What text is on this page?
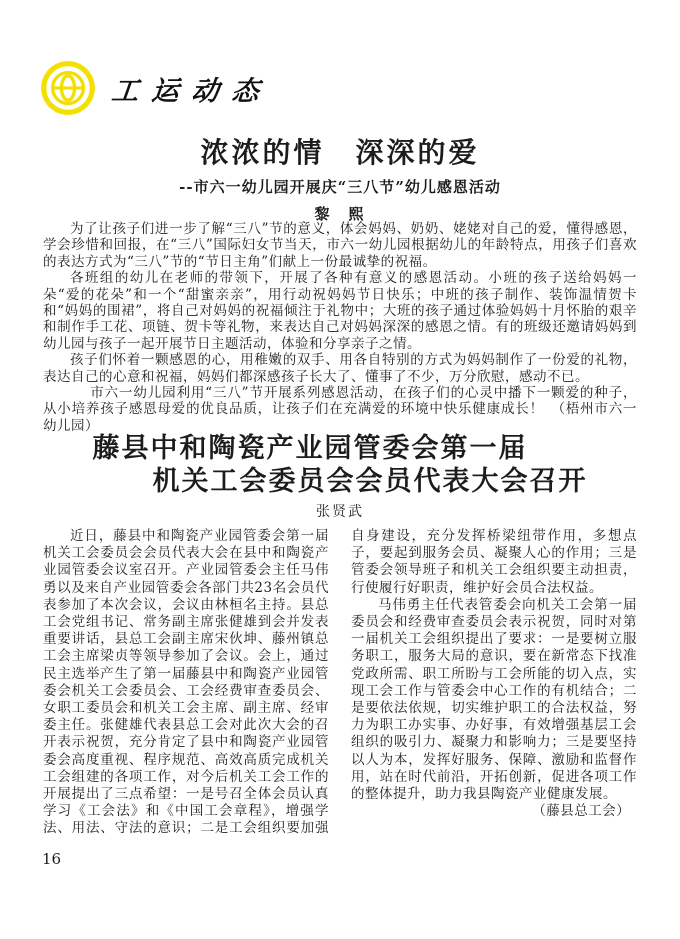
工运动态
浓浓的情　深深的爱
--市六一幼儿园开展庆“三八节”幼儿感恩活动
黎　熙

为了让孩子们进一步了解“三八”节的意义，体会妈妈、奶奶、姥姥对自己的爱，懂得感恩，学会珍惜和回报，在“三八”国际妇女节当天，市六一幼儿园根据幼儿的年龄特点，用孩子们喜欢的表达方式为“三八”节的“节日主角”们献上一份最诚挚的祝福。

各班组的幼儿在老师的带领下，开展了各种有意义的感恩活动。小班的孩子送给妈妈一朵“爱的花朵”和一个“甜蜜亲亲”，用行动祝妈妈节日快乐；中班的孩子制作、装饰温情贺卡和“妈妈的围裙”，将自己对妈妈的祝福倾注于礼物中；大班的孩子通过体验妈妈十月怀胎的艰辛和制作手工花、项链、贺卡等礼物，来表达自己对妈妈深深的感恩之情。有的班级还邀请妈妈到幼儿园与孩子一起开展节日主题活动，体验和分享亲子之情。

孩子们怀着一颗感恩的心，用稚嫩的双手、用各自特别的方式为妈妈制作了一份爱的礼物，表达自己的心意和祝福，妈妈们都深感孩子长大了、懂事了不少，万分欣慰，感动不已。

市六一幼儿园利用“三八”节开展系列感恩活动，在孩子们的心灵中播下一颗爱的种子，从小培养孩子感恩母爱的优良品质，让孩子们在充满爱的环境中快乐健康成长！　（梧州市六一幼儿园）

藤县中和陶瓷产业园管委会第一届
机关工会委员会会员代表大会召开
张贤武

近日，藤县中和陶瓷产业园管委会第一届机关工会委员会会员代表大会在县中和陶瓷产业园管委会议室召开。产业园管委会主任马伟勇以及来自产业园管委会各部门共23名会员代表参加了本次会议，会议由林桓名主持。县总工会党组书记、常务副主席张健雄到会并发表重要讲话，县总工会副主席宋伙坤、藤州镇总工会主席梁贞等领导参加了会议。会上，通过民主选举产生了第一届藤县中和陶瓷产业园管委会机关工会委员会、工会经费审查委员会、女职工委员会和机关工会主席、副主席、经审委主任。张健雄代表县总工会对此次大会的召开表示祝贺，充分肯定了县中和陶瓷产业园管委会高度重视、程序规范、高效高质完成机关工会组建的各项工作，对今后机关工会工作的开展提出了三点希望：一是号召全体会员认真学习《工会法》和《中国工会章程》，增强学法、用法、守法的意识；二是工会组织要加强自身建设，充分发挥桥梁纽带作用，多想点子，要起到服务会员、凝聚人心的作用；三是管委会领导班子和机关工会组织要主动担责，行使履行好职责，维护好会员合法权益。

马伟勇主任代表管委会向机关工会第一届委员会和经费审查委员会表示祝贺，同时对第一届机关工会组织提出了要求：一是要树立服务职工，服务大局的意识，要在新常态下找准党政所需、职工所盼与工会所能的切入点，实现工会工作与管委会中心工作的有机结合；二是要依法依规，切实维护职工的合法权益，努力为职工办实事、办好事，有效增强基层工会组织的吸引力、凝聚力和影响力；三是要坚持以人为本，发挥好服务、保障、激励和监督作用，站在时代前沿，开拓创新，促进各项工作的整体提升，助力我县陶瓷产业健康发展。

（藤县总工会）

16
